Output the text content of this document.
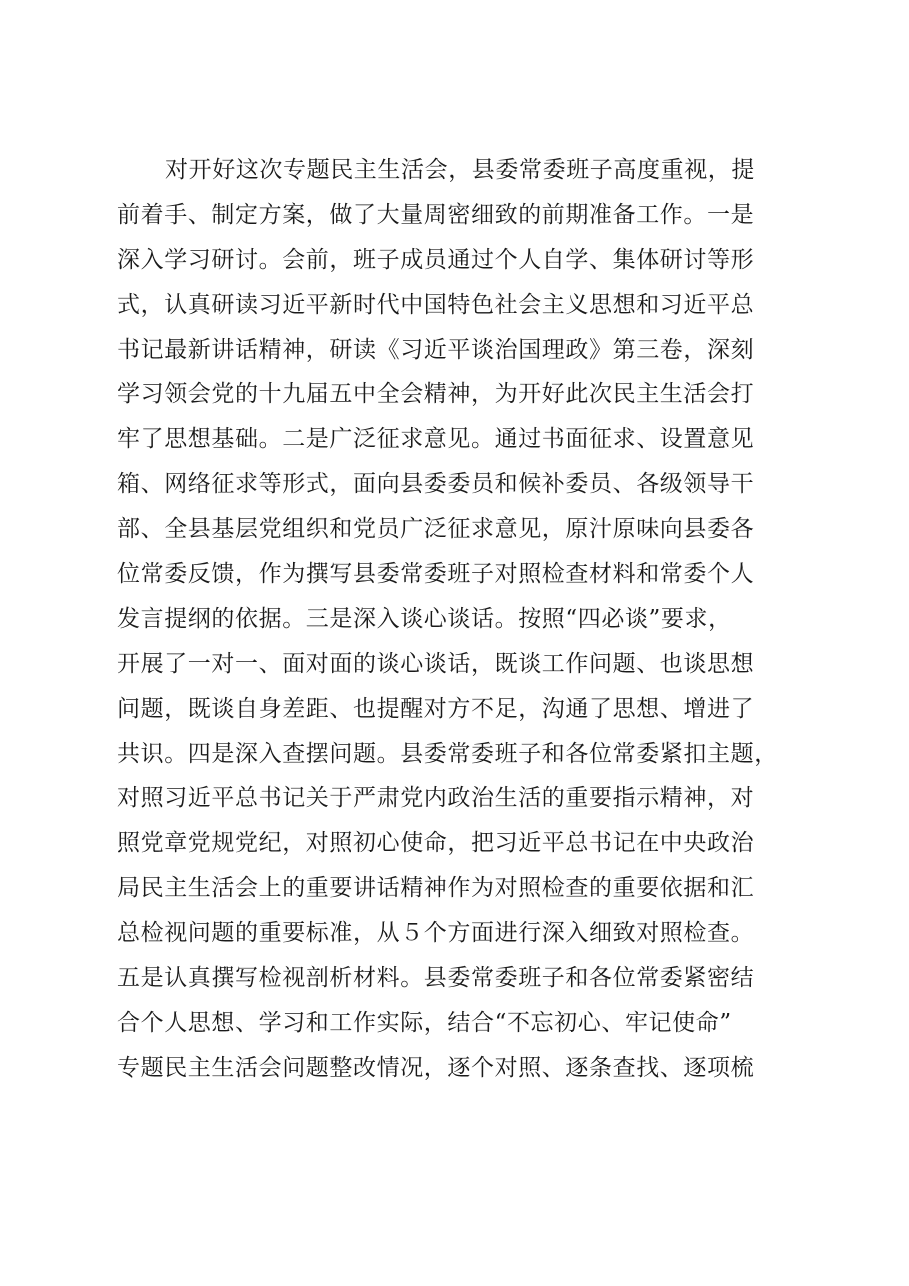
对开好这次专题民主生活会，县委常委班子高度重视，提
前着手、制定方案，做了大量周密细致的前期准备工作。一是
深入学习研讨。会前，班子成员通过个人自学、集体研讨等形
式，认真研读习近平新时代中国特色社会主义思想和习近平总
书记最新讲话精神，研读《习近平谈治国理政》第三卷，深刻
学习领会党的十九届五中全会精神，为开好此次民主生活会打
牢了思想基础。二是广泛征求意见。通过书面征求、设置意见
箱、网络征求等形式，面向县委委员和候补委员、各级领导干
部、全县基层党组织和党员广泛征求意见，原汁原味向县委各
位常委反馈，作为撰写县委常委班子对照检查材料和常委个人
发言提纲的依据。三是深入谈心谈话。按照“四必谈”要求，
开展了一对一、面对面的谈心谈话，既谈工作问题、也谈思想
问题，既谈自身差距、也提醒对方不足，沟通了思想、增进了
共识。四是深入查摆问题。县委常委班子和各位常委紧扣主题，
对照习近平总书记关于严肃党内政治生活的重要指示精神，对
照党章党规党纪，对照初心使命，把习近平总书记在中央政治
局民主生活会上的重要讲话精神作为对照检查的重要依据和汇
总检视问题的重要标准，从５个方面进行深入细致对照检查。
五是认真撰写检视剖析材料。县委常委班子和各位常委紧密结
合个人思想、学习和工作实际，结合“不忘初心、牢记使命”
专题民主生活会问题整改情况，逐个对照、逐条查找、逐项梳
